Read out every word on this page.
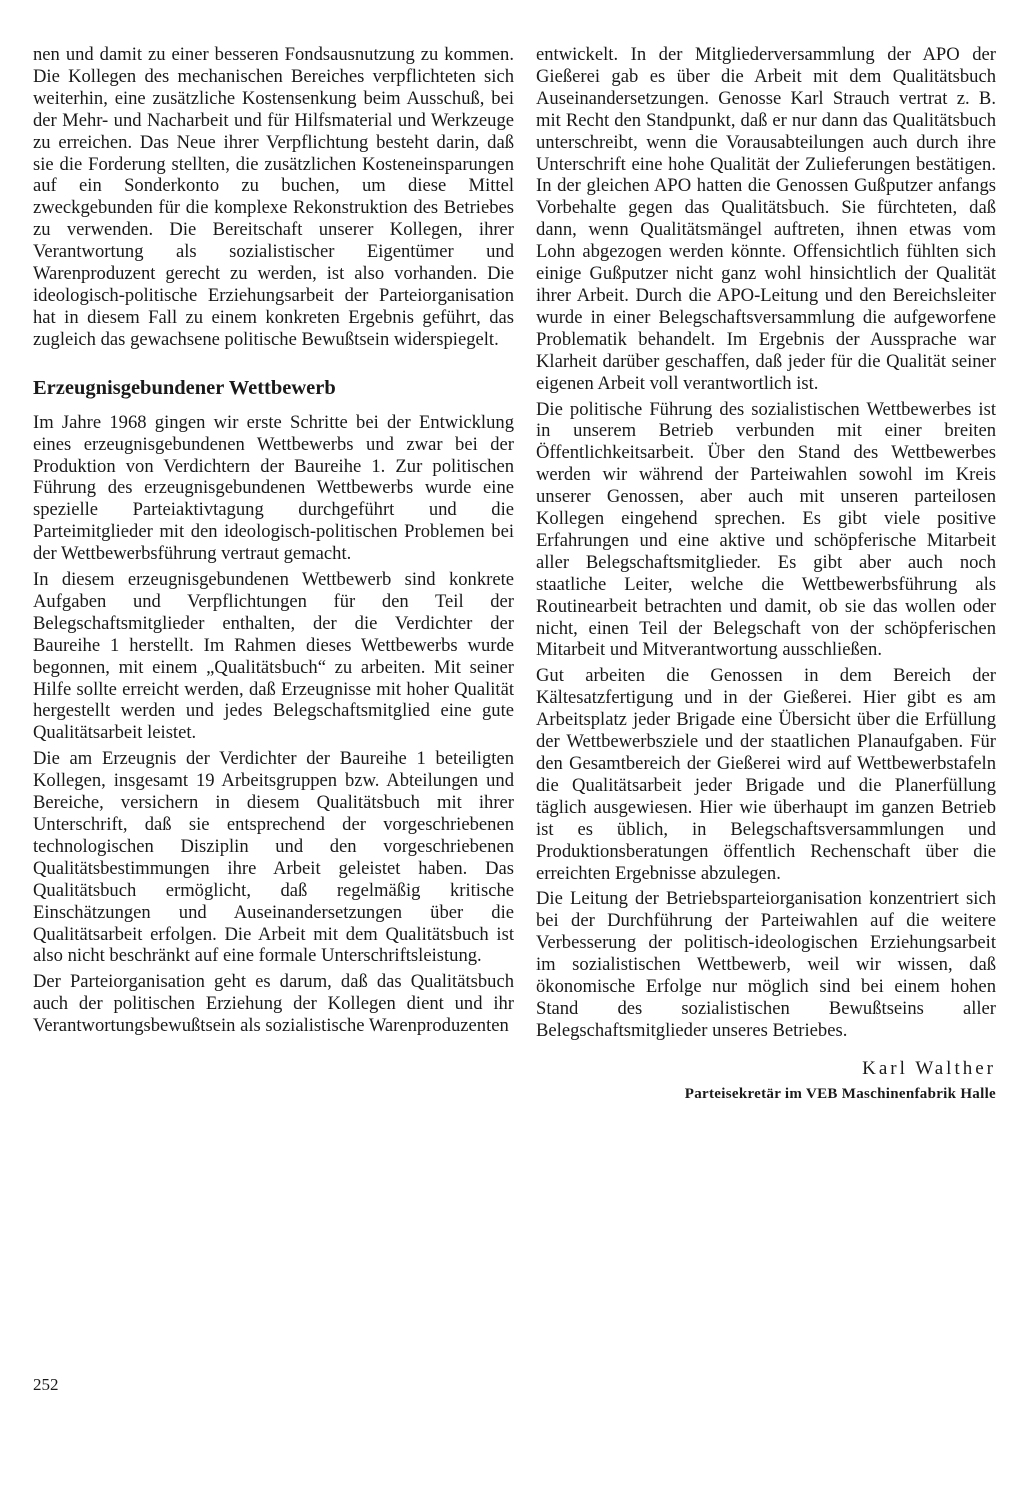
nen und damit zu einer besseren Fondsausnutzung zu kommen. Die Kollegen des mechanischen Bereiches verpflichteten sich weiterhin, eine zusätzliche Kostensenkung beim Ausschuß, bei der Mehr- und Nacharbeit und für Hilfsmaterial und Werkzeuge zu erreichen. Das Neue ihrer Verpflichtung besteht darin, daß sie die Forderung stellten, die zusätzlichen Kosteneinsparungen auf ein Sonderkonto zu buchen, um diese Mittel zweckgebunden für die komplexe Rekonstruktion des Betriebes zu verwenden. Die Bereitschaft unserer Kollegen, ihrer Verantwortung als sozialistischer Eigentümer und Warenproduzent gerecht zu werden, ist also vorhanden. Die ideologisch-politische Erziehungsarbeit der Parteiorganisation hat in diesem Fall zu einem konkreten Ergebnis geführt, das zugleich das gewachsene politische Bewußtsein widerspiegelt.

Erzeugnisgebundener Wettbewerb

Im Jahre 1968 gingen wir erste Schritte bei der Entwicklung eines erzeugnisgebundenen Wettbewerbs und zwar bei der Produktion von Verdichtern der Baureihe 1. Zur politischen Führung des erzeugnisgebundenen Wettbewerbs wurde eine spezielle Parteiaktivtagung durchgeführt und die Parteimitglieder mit den ideologisch-politischen Problemen bei der Wettbewerbsführung vertraut gemacht.

In diesem erzeugnisgebundenen Wettbewerb sind konkrete Aufgaben und Verpflichtungen für den Teil der Belegschaftsmitglieder enthalten, der die Verdichter der Baureihe 1 herstellt. Im Rahmen dieses Wettbewerbs wurde begonnen, mit einem „Qualitätsbuch“ zu arbeiten. Mit seiner Hilfe sollte erreicht werden, daß Erzeugnisse mit hoher Qualität hergestellt werden und jedes Belegschaftsmitglied eine gute Qualitätsarbeit leistet.

Die am Erzeugnis der Verdichter der Baureihe 1 beteiligten Kollegen, insgesamt 19 Arbeitsgruppen bzw. Abteilungen und Bereiche, versichern in diesem Qualitätsbuch mit ihrer Unterschrift, daß sie entsprechend der vorgeschriebenen technologischen Disziplin und den vorgeschriebenen Qualitätsbestimmungen ihre Arbeit geleistet haben. Das Qualitätsbuch ermöglicht, daß regelmäßig kritische Einschätzungen und Auseinandersetzungen über die Qualitätsarbeit erfolgen. Die Arbeit mit dem Qualitätsbuch ist also nicht beschränkt auf eine formale Unterschriftsleistung.

Der Parteiorganisation geht es darum, daß das Qualitätsbuch auch der politischen Erziehung der Kollegen dient und ihr Verantwortungsbewußtsein als sozialistische Warenproduzenten

entwickelt. In der Mitgliederversammlung der APO der Gießerei gab es über die Arbeit mit dem Qualitätsbuch Auseinandersetzungen. Genosse Karl Strauch vertrat z. B. mit Recht den Standpunkt, daß er nur dann das Qualitätsbuch unterschreibt, wenn die Vorausabteilungen auch durch ihre Unterschrift eine hohe Qualität der Zulieferungen bestätigen. In der gleichen APO hatten die Genossen Gußputzer anfangs Vorbehalte gegen das Qualitätsbuch. Sie fürchteten, daß dann, wenn Qualitätsmängel auftreten, ihnen etwas vom Lohn abgezogen werden könnte. Offensichtlich fühlten sich einige Gußputzer nicht ganz wohl hinsichtlich der Qualität ihrer Arbeit. Durch die APO-Leitung und den Bereichsleiter wurde in einer Belegschaftsversammlung die aufgeworfene Problematik behandelt. Im Ergebnis der Aussprache war Klarheit darüber geschaffen, daß jeder für die Qualität seiner eigenen Arbeit voll verantwortlich ist.

Die politische Führung des sozialistischen Wettbewerbes ist in unserem Betrieb verbunden mit einer breiten Öffentlichkeitsarbeit. Über den Stand des Wettbewerbes werden wir während der Parteiwahlen sowohl im Kreis unserer Genossen, aber auch mit unseren parteilosen Kollegen eingehend sprechen. Es gibt viele positive Erfahrungen und eine aktive und schöpferische Mitarbeit aller Belegschaftsmitglieder. Es gibt aber auch noch staatliche Leiter, welche die Wettbewerbsführung als Routinearbeit betrachten und damit, ob sie das wollen oder nicht, einen Teil der Belegschaft von der schöpferischen Mitarbeit und Mitverantwortung ausschließen.

Gut arbeiten die Genossen in dem Bereich der Kältesatzfertigung und in der Gießerei. Hier gibt es am Arbeitsplatz jeder Brigade eine Übersicht über die Erfüllung der Wettbewerbsziele und der staatlichen Planaufgaben. Für den Gesamtbereich der Gießerei wird auf Wettbewerbstafeln die Qualitätsarbeit jeder Brigade und die Planerfüllung täglich ausgewiesen. Hier wie überhaupt im ganzen Betrieb ist es üblich, in Belegschaftsversammlungen und Produktionsberatungen öffentlich Rechenschaft über die erreichten Ergebnisse abzulegen.

Die Leitung der Betriebsparteiorganisation konzentriert sich bei der Durchführung der Parteiwahlen auf die weitere Verbesserung der politisch-ideologischen Erziehungsarbeit im sozialistischen Wettbewerb, weil wir wissen, daß ökonomische Erfolge nur möglich sind bei einem hohen Stand des sozialistischen Bewußtseins aller Belegschaftsmitglieder unseres Betriebes.

Karl Walther
Parteisekretär im VEB Maschinenfabrik Halle
252
